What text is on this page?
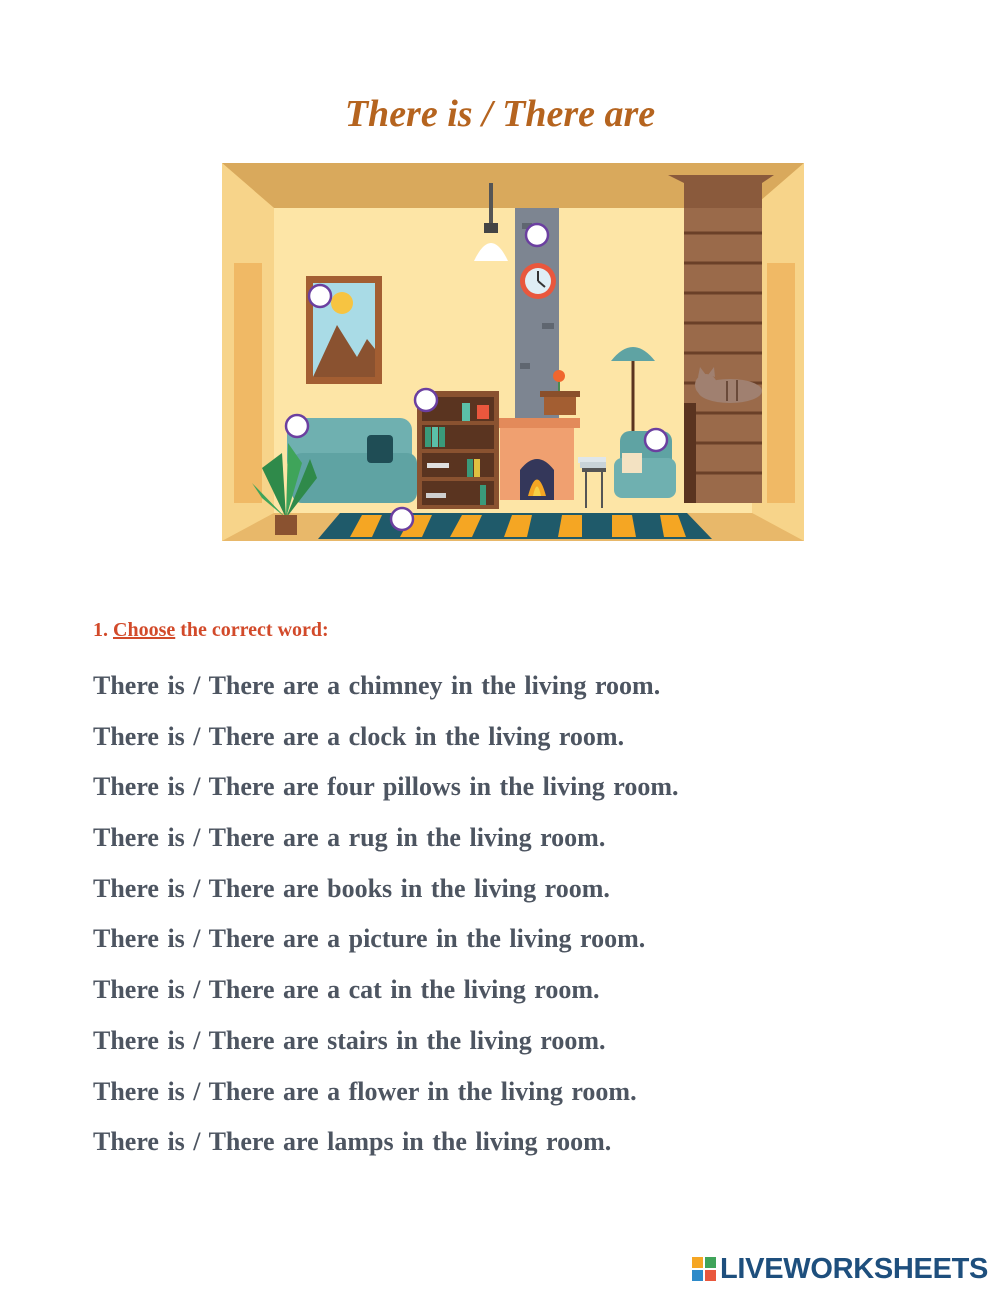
There is / There are
1. Choose the correct word:
There is / There are a chimney in the living room.
There is / There are a clock in the living room.
There is / There are four pillows in the living room.
There is / There are a rug in the living room.
There is / There are books in the living room.
There is / There are a picture in the living room.
There is / There are a cat in the living room.
There is / There are stairs in the living room.
There is / There are a flower in the living room.
There is / There are lamps in the living room.
LIVEWORKSHEETS
